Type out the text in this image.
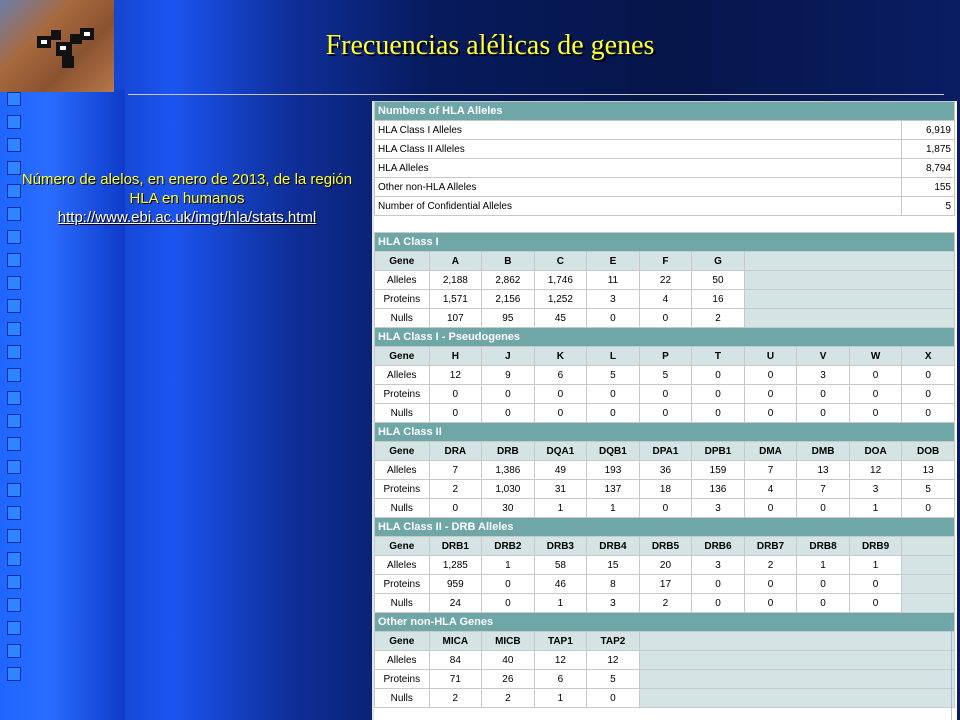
Frecuencias alélicas de genes
Número de alelos, en enero de 2013, de la región HLA en humanos
http://www.ebi.ac.uk/imgt/hla/stats.html
Numbers of HLA Alleles										
HLA Class I Alleles										6,919
HLA Class II Alleles										1,875
HLA Alleles										8,794
Other non-HLA Alleles										155
Number of Confidential Alleles										5

HLA Class I										
Gene	A	B	C	E	F	G				
Alleles	2,188	2,862	1,746	11	22	50				
Proteins	1,571	2,156	1,252	3	4	16				
Nulls	107	95	45	0	0	2				
HLA Class I - Pseudogenes										
Gene	H	J	K	L	P	T	U	V	W	X
Alleles	12	9	6	5	5	0	0	3	0	0
Proteins	0	0	0	0	0	0	0	0	0	0
Nulls	0	0	0	0	0	0	0	0	0	0
HLA Class II										
Gene	DRA	DRB	DQA1	DQB1	DPA1	DPB1	DMA	DMB	DOA	DOB
Alleles	7	1,386	49	193	36	159	7	13	12	13
Proteins	2	1,030	31	137	18	136	4	7	3	5
Nulls	0	30	1	1	0	3	0	0	1	0
HLA Class II - DRB Alleles										
Gene	DRB1	DRB2	DRB3	DRB4	DRB5	DRB6	DRB7	DRB8	DRB9	
Alleles	1,285	1	58	15	20	3	2	1	1	
Proteins	959	0	46	8	17	0	0	0	0	
Nulls	24	0	1	3	2	0	0	0	0	
Other non-HLA Genes										
Gene	MICA	MICB	TAP1	TAP2						
Alleles	84	40	12	12						
Proteins	71	26	6	5						
Nulls	2	2	1	0						
